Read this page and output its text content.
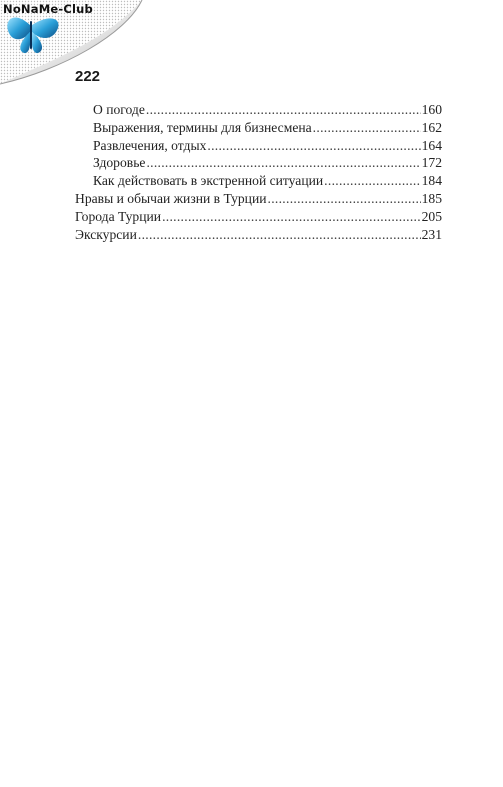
NoNaMe-Club
222
О погоде .....	160
Выражения, термины для бизнесмена .....	162
Развлечения, отдых .....	164
Здоровье .....	172
Как действовать в экстренной ситуации .....	184
Нравы и обычаи жизни в Турции .....	185
Города Турции .....	205
Экскурсии .....	231
